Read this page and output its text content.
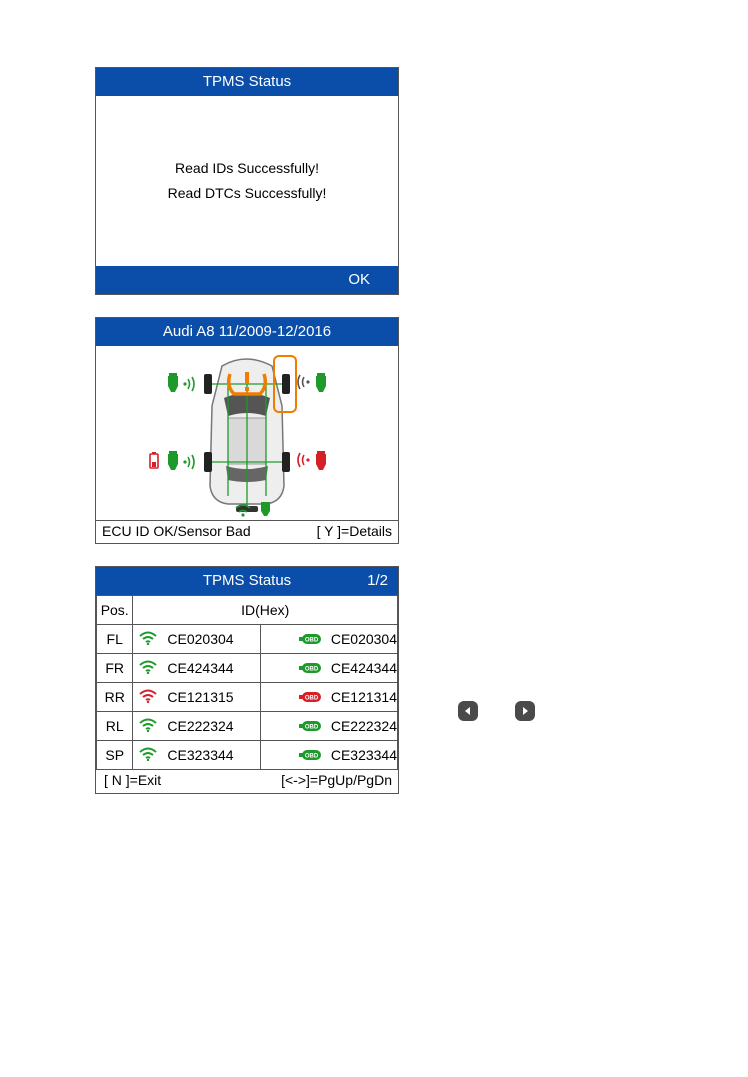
TPMS Status
Read IDs Successfully!
Read DTCs Successfully!
OK
Audi A8 11/2009-12/2016
ECU ID OK/Sensor Bad	[ Y ]=Details
TPMS Status	1/2
Pos.	ID(Hex)	
FL	CE020304	OBD CE020304

FR	CE424344	OBD CE424344

RR	CE121315	OBD CE121314

RL	CE222324	OBD CE222324

SP	CE323344	OBD CE323344
[ N ]=Exit	[<->]=PgUp/PgDn
